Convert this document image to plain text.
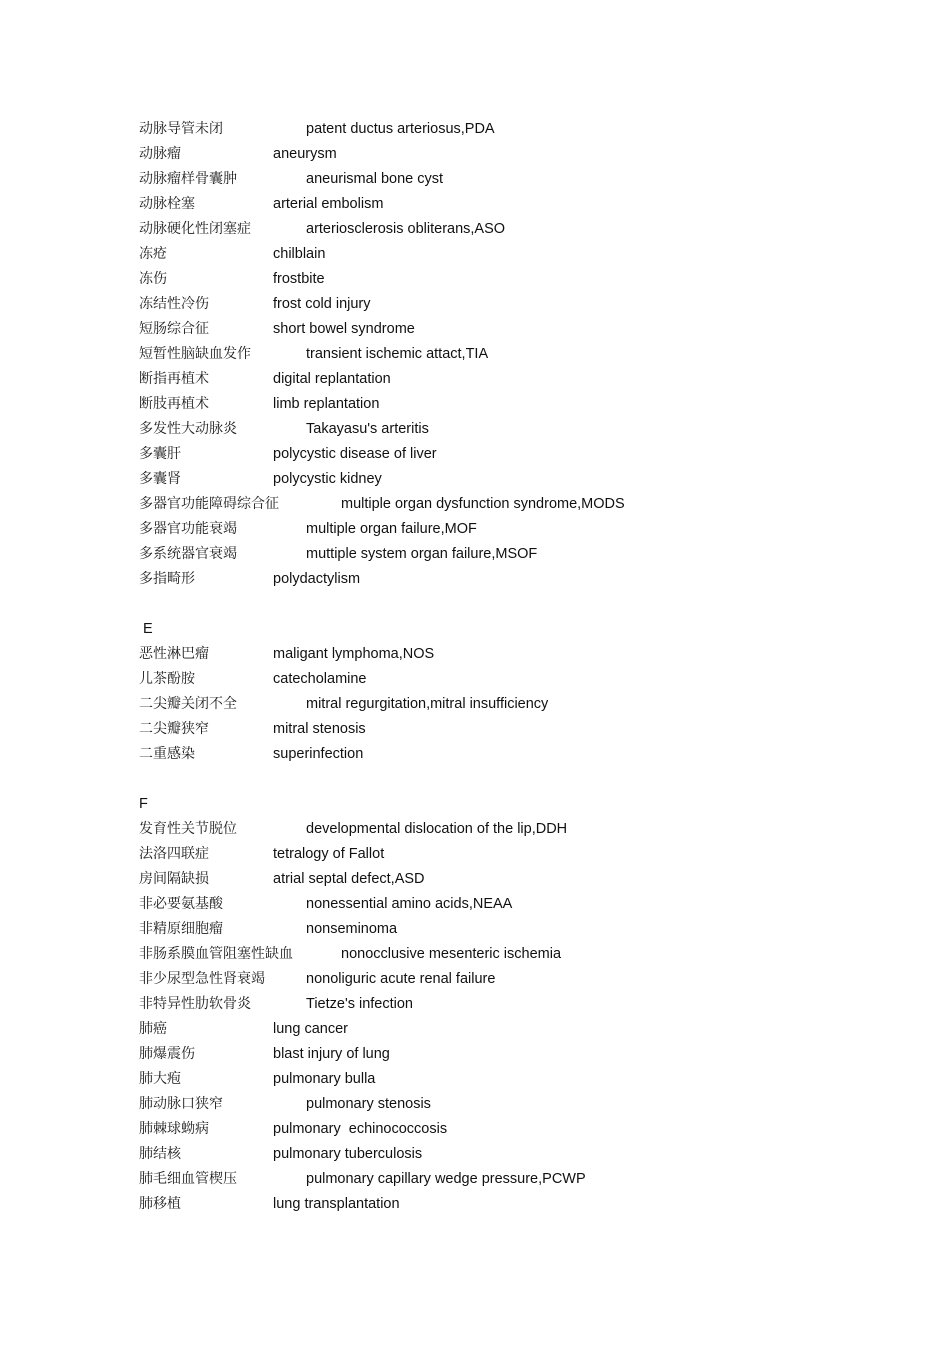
动脉导管未闭	patent ductus arteriosus,PDA
动脉瘤	aneurysm
动脉瘤样骨囊肿	aneurismal bone cyst
动脉栓塞	arterial embolism
动脉硬化性闭塞症	arteriosclerosis obliterans,ASO
冻疮	chilblain
冻伤	frostbite
冻结性冷伤	frost cold injury
短肠综合征	short bowel syndrome
短暂性脑缺血发作	transient ischemic attact,TIA
断指再植术	digital replantation
断肢再植术	limb replantation
多发性大动脉炎	Takayasu's arteritis
多囊肝	polycystic disease of liver
多囊肾	polycystic kidney
多器官功能障碍综合征	multiple organ dysfunction syndrome,MODS
多器官功能衰竭	multiple organ failure,MOF
多系统器官衰竭	muttiple system organ failure,MSOF
多指畸形	polydactylism
E
恶性淋巴瘤	maligant lymphoma,NOS
儿茶酚胺	catecholamine
二尖瓣关闭不全	mitral regurgitation,mitral insufficiency
二尖瓣狭窄	mitral stenosis
二重感染	superinfection
F
发育性关节脱位	developmental dislocation of the lip,DDH
法洛四联症	tetralogy of Fallot
房间隔缺损	atrial septal defect,ASD
非必要氨基酸	nonessential amino acids,NEAA
非精原细胞瘤	nonseminoma
非肠系膜血管阻塞性缺血	nonocclusive mesenteric ischemia
非少尿型急性肾衰竭	nonoliguric acute renal failure
非特异性肋软骨炎	Tietze's infection
肺癌	lung cancer
肺爆震伤	blast injury of lung
肺大疱	pulmonary bulla
肺动脉口狭窄	pulmonary stenosis
肺棘球蚴病	pulmonary  echinococcosis
肺结核	pulmonary tuberculosis
肺毛细血管楔压	pulmonary capillary wedge pressure,PCWP
肺移植	lung transplantation
